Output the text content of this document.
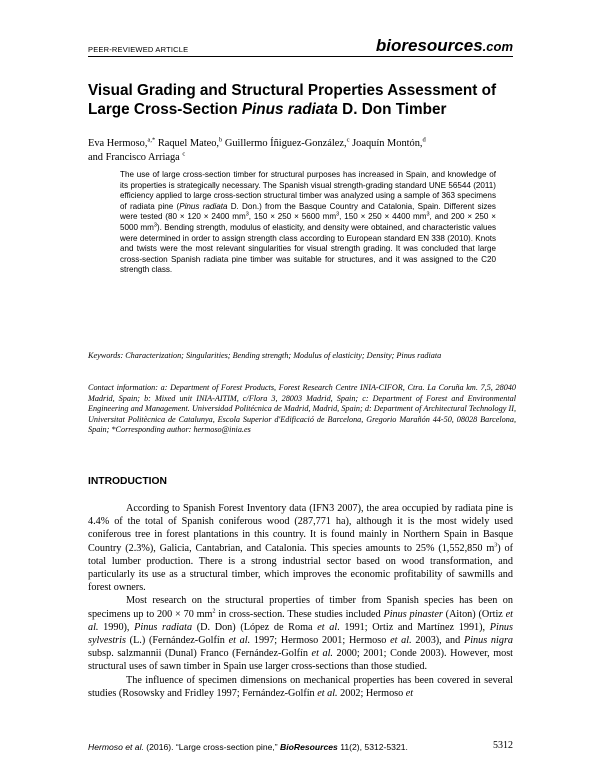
PEER-REVIEWED ARTICLE	bioresources.com
Visual Grading and Structural Properties Assessment of Large Cross-Section Pinus radiata D. Don Timber
Eva Hermoso,$^{a,*}$ Raquel Mateo,$^b$ Guillermo Íñiguez-González,$^c$ Joaquín Montón,$^d$
and Francisco Arriaga $^c$

The use of large cross-section timber for structural purposes has increased in Spain, and knowledge of its properties is strategically necessary. The Spanish visual strength-grading standard UNE 56544 (2011) efficiency applied to large cross-section structural timber was analyzed using a sample of 363 specimens of radiata pine (Pinus radiata D. Don.) from the Basque Country and Catalonia, Spain. Different sizes were tested (80 × 120 × 2400 $mm^3$, 150 × 250 × 5600 $mm^3$, 150 × 250 × 4400 $mm^3$, and 200 × 250 × 5000 $mm^3$). Bending strength, modulus of elasticity, and density were obtained, and characteristic values were determined in order to assign strength class according to European standard EN 338 (2010). Knots and twists were the most relevant singularities for visual strength grading. It was concluded that large cross-section Spanish radiata pine timber was suitable for structures, and it was assigned to the C20 strength class.

Keywords: Characterization; Singularities; Bending strength; Modulus of elasticity; Density; Pinus radiata
Contact information: a: Department of Forest Products, Forest Research Centre INIA-CIFOR, Ctra. La Coruña km. 7,5, 28040 Madrid, Spain; b: Mixed unit INIA-AITIM, c/Flora 3, 28003 Madrid, Spain; c: Department of Forest and Environmental Engineering and Management. Universidad Politécnica de Madrid, Madrid, Spain; d: Department of Architectural Technology II, Universitat Politècnica de Catalunya, Escola Superior d'Edificació de Barcelona, Gregorio Marañón 44-50, 08028 Barcelona, Spain; *Corresponding author: hermoso@inia.es
INTRODUCTION

According to Spanish Forest Inventory data (IFN3 2007), the area occupied by radiata pine is 4.4% of the total of Spanish coniferous wood (287,771 ha), although it is the most widely used coniferous tree in forest plantations in this country. It is found mainly in Northern Spain in Basque Country (2.3%), Galicia, Cantabrian, and Catalonia. This species amounts to 25% (1,552,850 $m^3$) of total lumber production. There is a strong industrial sector based on wood transformation, and particularly its use as a structural timber, which improves the economic profitability of sawmills and forest owners.

Most research on the structural properties of timber from Spanish species has been on specimens up to 200 × 70 $mm^2$ in cross-section. These studies included Pinus pinaster (Aiton) (Ortiz et al. 1990), Pinus radiata (D. Don) (López de Roma et al. 1991; Ortiz and Martínez 1991), Pinus sylvestris (L.) (Fernández-Golfín et al. 1997; Hermoso 2001; Hermoso et al. 2003), and Pinus nigra subsp. salzmannii (Dunal) Franco (Fernández-Golfín et al. 2000; 2001; Conde 2003). However, most structural uses of sawn timber in Spain use larger cross-sections than those studied.

The influence of specimen dimensions on mechanical properties has been covered in several studies (Rosowsky and Fridley 1997; Fernández-Golfín et al. 2002; Hermoso et

Hermoso et al. (2016). “Large cross-section pine,” BioResources 11(2), 5312-5321.	5312
